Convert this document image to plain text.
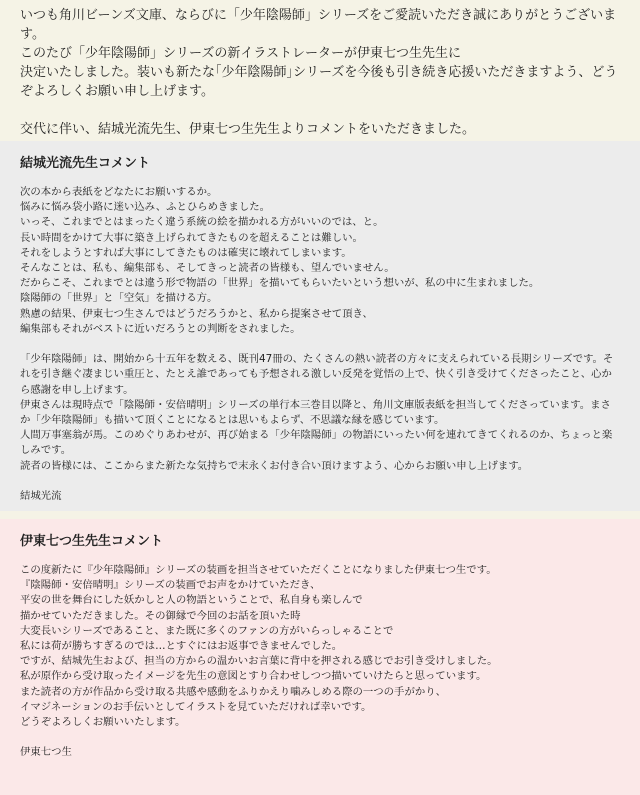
いつも角川ビーンズ文庫、ならびに「少年陰陽師」シリーズをご愛読いただき誠にありがとうございます。

このたび「少年陰陽師」シリーズの新イラストレーターが伊東七つ生先生に

決定いたしました。装いも新たな｢少年陰陽師｣シリーズを今後も引き続き応援いただきますよう、どうぞよろしくお願い申し上げます。

交代に伴い、結城光流先生、伊東七つ生先生よりコメントをいただきました。

結城光流先生コメント
次の本から表紙をどなたにお願いするか。
悩みに悩み袋小路に迷い込み、ふとひらめきました。
いっそ、これまでとはまったく違う系統の絵を描かれる方がいいのでは、と。
長い時間をかけて大事に築き上げられてきたものを超えることは難しい。
それをしようとすれば大事にしてきたものは確実に壊れてしまいます。
そんなことは、私も、編集部も、そしてきっと読者の皆様も、望んでいません。
だからこそ、これまでとは違う形で物語の「世界」を描いてもらいたいという想いが、私の中に生まれました。
陰陽師の「世界」と「空気」を描ける方。
熟慮の結果、伊東七つ生さんではどうだろうかと、私から提案させて頂き、
編集部もそれがベストに近いだろうとの判断をされました。
「少年陰陽師」は、開始から十五年を数える、既刊47冊の、たくさんの熱い読者の方々に支えられている長期シリーズです。それを引き継ぐ凄まじい重圧と、たとえ誰であっても予想される激しい反発を覚悟の上で、快く引き受けてくださったこと、心から感謝を申し上げます。
伊東さんは現時点で「陰陽師・安倍晴明」シリーズの単行本三巻目以降と、角川文庫版表紙を担当してくださっています。まさか「少年陰陽師」も描いて頂くことになるとは思いもよらず、不思議な縁を感じています。
人間万事塞翁が馬。このめぐりあわせが、再び始まる「少年陰陽師」の物語にいったい何を連れてきてくれるのか、ちょっと楽しみです。
読者の皆様には、ここからまた新たな気持ちで末永くお付き合い頂けますよう、心からお願い申し上げます。
結城光流
伊東七つ生先生コメント
この度新たに『少年陰陽師』シリーズの装画を担当させていただくことになりました伊東七つ生です。
『陰陽師・安倍晴明』シリーズの装画でお声をかけていただき、
平安の世を舞台にした妖かしと人の物語ということで、私自身も楽しんで
描かせていただきました。その御縁で今回のお話を頂いた時
大変長いシリーズであること、また既に多くのファンの方がいらっしゃることで
私には荷が勝ちすぎるのでは…とすぐにはお返事できませんでした。
ですが、結城先生および、担当の方からの温かいお言葉に背中を押される感じでお引き受けしました。
私が原作から受け取ったイメージを先生の意図とすり合わせしつつ描いていけたらと思っています。
また読者の方が作品から受け取る共感や感動をふりかえり噛みしめる際の一つの手がかり、
イマジネーションのお手伝いとしてイラストを見ていただければ幸いです。
どうぞよろしくお願いいたします。
伊東七つ生
